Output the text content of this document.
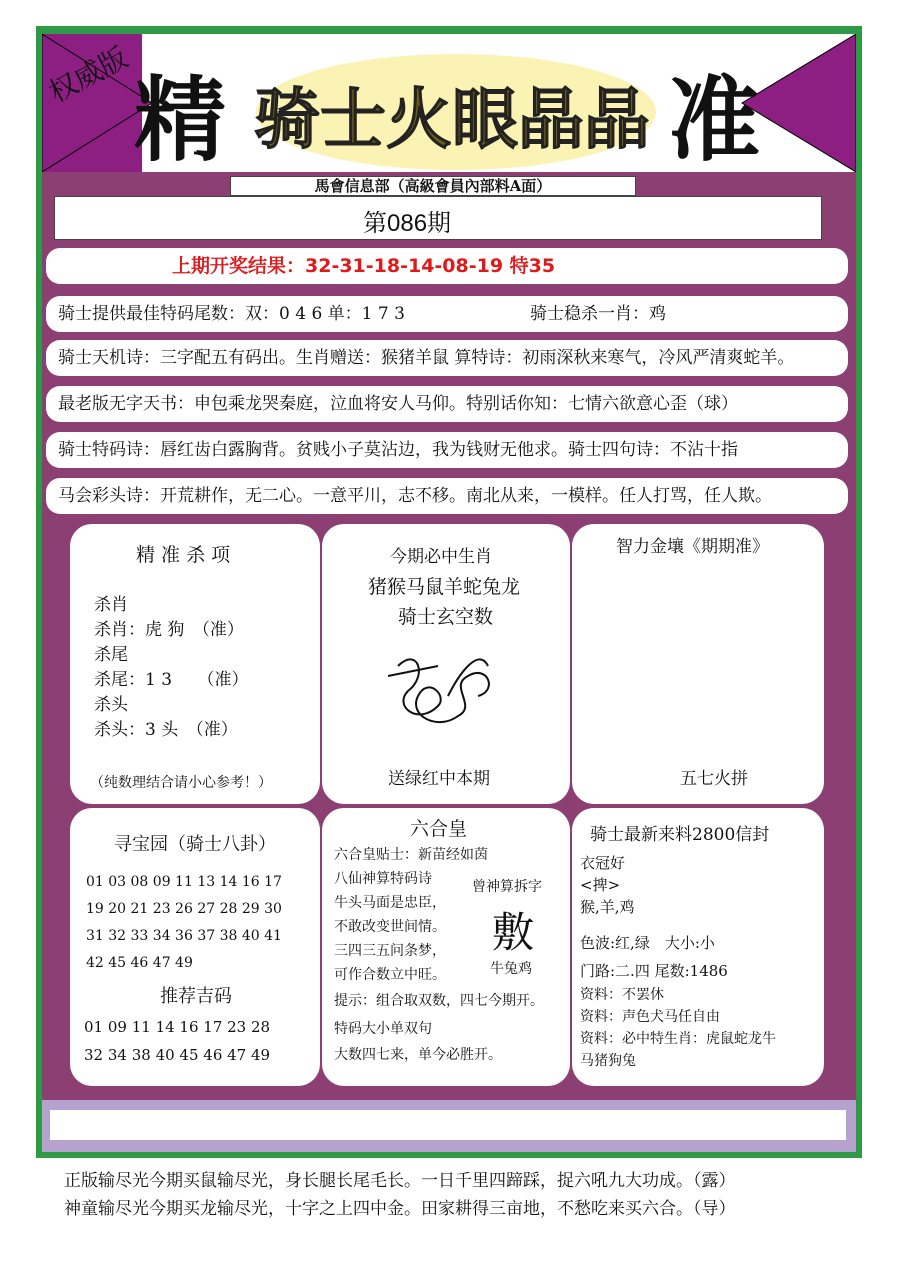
权威版 精 骑士火眼晶晶 准
馬會信息部（高級會員內部料A面）
第086期
上期开奖结果：32-31-18-14-08-19 特35
骑士提供最佳特码尾数：双：0 4 6 单：1 7 3	骑士稳杀一肖：鸡
骑士天机诗：三字配五有码出。生肖赠送：猴猪羊鼠 算特诗：初雨深秋来寒气，冷风严清爽蛇羊。
最老版无字天书：申包乘龙哭秦庭，泣血将安人马仰。特别话你知：七情六欲意心歪（球）
骑士特码诗：唇红齿白露胸背。贫贱小子莫沾边，我为钱财无他求。骑士四句诗：不沾十指
马会彩头诗：开荒耕作，无二心。一意平川，志不移。南北从来，一模样。任人打骂，任人欺。
精 准 杀 项
杀肖
杀肖：虎 狗　（准）
杀尾
杀尾：1 3　　（准）
杀头
杀头：3 头　（准）
（纯数理结合请小心参考！）
今期必中生肖
猪猴马鼠羊蛇兔龙
骑士玄空数
送绿红中本期
智力金壤《期期准》
五七火拼
寻宝园（骑士八卦）
01 03 08 09 11 13 14 16 17
19 20 21 23 26 27 28 29 30
31 32 33 34 36 37 38 40 41
42 45 46 47 49
推荐吉码
01 09 11 14 16 17 23 28
32 34 38 40 45 46 47 49
六合皇
六合皇贴士：新苗经如茵
八仙神算特码诗
牛头马面是忠臣，
不敢改变世间情。
三四三五问条梦，
可作合数立中旺。
提示：组合取双数，四七今期开。
特码大小单双句
大数四七来，单今必胜开。
曾神算拆字
敷
牛兔鸡
骑士最新来料2800信封
衣冠好
<捭>
猴,羊,鸡
色波:红,绿　大小:小
门路:二.四 尾数:1486
资料：不罢休
资料：声色犬马任自由
资料：必中特生肖：虎鼠蛇龙牛
马猪狗兔
正版输尽光今期买鼠输尽光，身长腿长尾毛长。一日千里四蹄踩，捉六吼九大功成。（露）
神童输尽光今期买龙输尽光，十字之上四中金。田家耕得三亩地，不愁吃来买六合。（导）
